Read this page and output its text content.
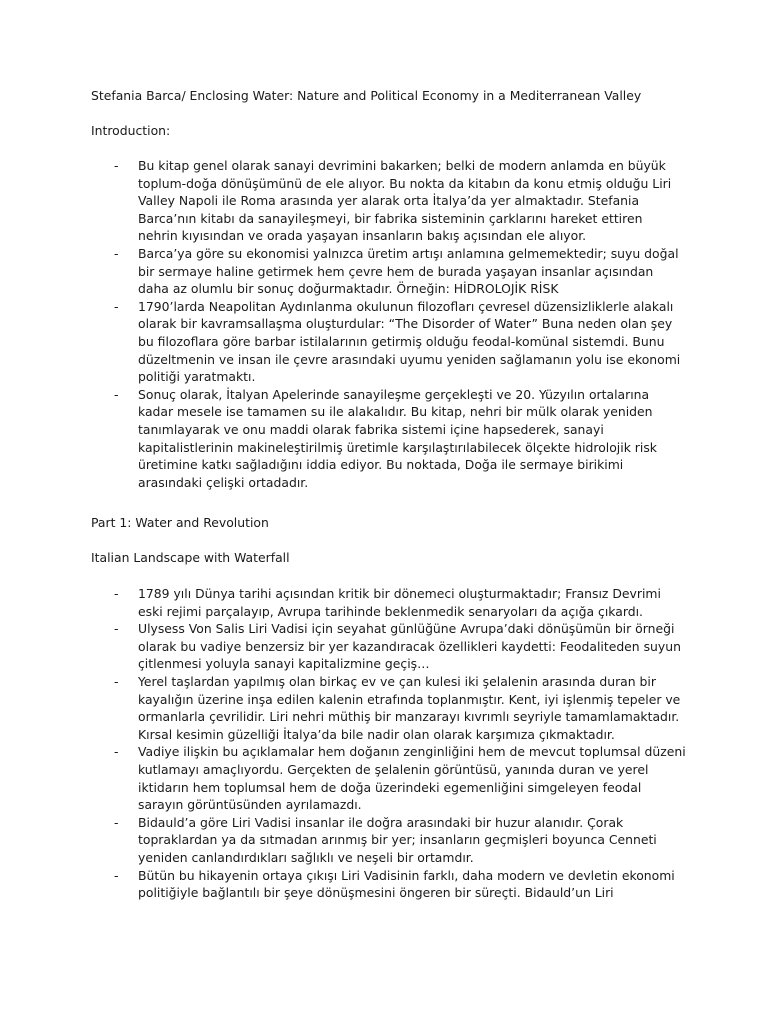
Stefania Barca/ Enclosing Water: Nature and Political Economy in a Mediterranean Valley
Introduction:
- Bu kitap genel olarak sanayi devrimini bakarken; belki de modern anlamda en büyük toplum-doğa dönüşümünü de ele alıyor. Bu nokta da kitabın da konu etmiş olduğu Liri Valley Napoli ile Roma arasında yer alarak orta İtalya’da yer almaktadır. Stefania Barca’nın kitabı da sanayileşmeyi, bir fabrika sisteminin çarklarını hareket ettiren nehrin kıyısından ve orada yaşayan insanların bakış açısından ele alıyor.
- Barca’ya göre su ekonomisi yalnızca üretim artışı anlamına gelmemektedir; suyu doğal bir sermaye haline getirmek hem çevre hem de burada yaşayan insanlar açısından daha az olumlu bir sonuç doğurmaktadır. Örneğin: HİDROLOJİK RİSK
- 1790’larda Neapolitan Aydınlanma okulunun filozofları çevresel düzensizliklerle alakalı olarak bir kavramsallaşma oluşturdular: “The Disorder of Water” Buna neden olan şey bu filozoflara göre barbar istilalarının getirmiş olduğu feodal-komünal sistemdi. Bunu düzeltmenin ve insan ile çevre arasındaki uyumu yeniden sağlamanın yolu ise ekonomi politiği yaratmaktı.
- Sonuç olarak, İtalyan Apelerinde sanayileşme gerçekleşti ve 20. Yüzyılın ortalarına kadar mesele ise tamamen su ile alakalıdır. Bu kitap, nehri bir mülk olarak yeniden tanımlayarak ve onu maddi olarak fabrika sistemi içine hapsederek, sanayi kapitalistlerinin makineleştirilmiş üretimle karşılaştırılabilecek ölçekte hidrolojik risk üretimine katkı sağladığını iddia ediyor. Bu noktada, Doğa ile sermaye birikimi arasındaki çelişki ortadadır.
Part 1: Water and Revolution
Italian Landscape with Waterfall
- 1789 yılı Dünya tarihi açısından kritik bir dönemeci oluşturmaktadır; Fransız Devrimi eski rejimi parçalayıp, Avrupa tarihinde beklenmedik senaryoları da açığa çıkardı.
- Ulysess Von Salis Liri Vadisi için seyahat günlüğüne Avrupa’daki dönüşümün bir örneği olarak bu vadiye benzersiz bir yer kazandıracak özellikleri kaydetti: Feodaliteden suyun çitlenmesi yoluyla sanayi kapitalizmine geçiş…
- Yerel taşlardan yapılmış olan birkaç ev ve çan kulesi iki şelalenin arasında duran bir kayalığın üzerine inşa edilen kalenin etrafında toplanmıştır. Kent, iyi işlenmiş tepeler ve ormanlarla çevrilidir. Liri nehri müthiş bir manzarayı kıvrımlı seyriyle tamamlamaktadır. Kırsal kesimin güzelliği İtalya’da bile nadir olan olarak karşımıza çıkmaktadır.
- Vadiye ilişkin bu açıklamalar hem doğanın zenginliğini hem de mevcut toplumsal düzeni kutlamayı amaçlıyordu. Gerçekten de şelalenin görüntüsü, yanında duran ve yerel iktidarın hem toplumsal hem de doğa üzerindeki egemenliğini simgeleyen feodal sarayın görüntüsünden ayrılamazdı.
- Bidauld’a göre Liri Vadisi insanlar ile doğra arasındaki bir huzur alanıdır. Çorak topraklardan ya da sıtmadan arınmış bir yer; insanların geçmişleri boyunca Cenneti yeniden canlandırdıkları sağlıklı ve neşeli bir ortamdır.
- Bütün bu hikayenin ortaya çıkışı Liri Vadisinin farklı, daha modern ve devletin ekonomi politiğiyle bağlantılı bir şeye dönüşmesini öngeren bir süreçti. Bidauld’un Liri
